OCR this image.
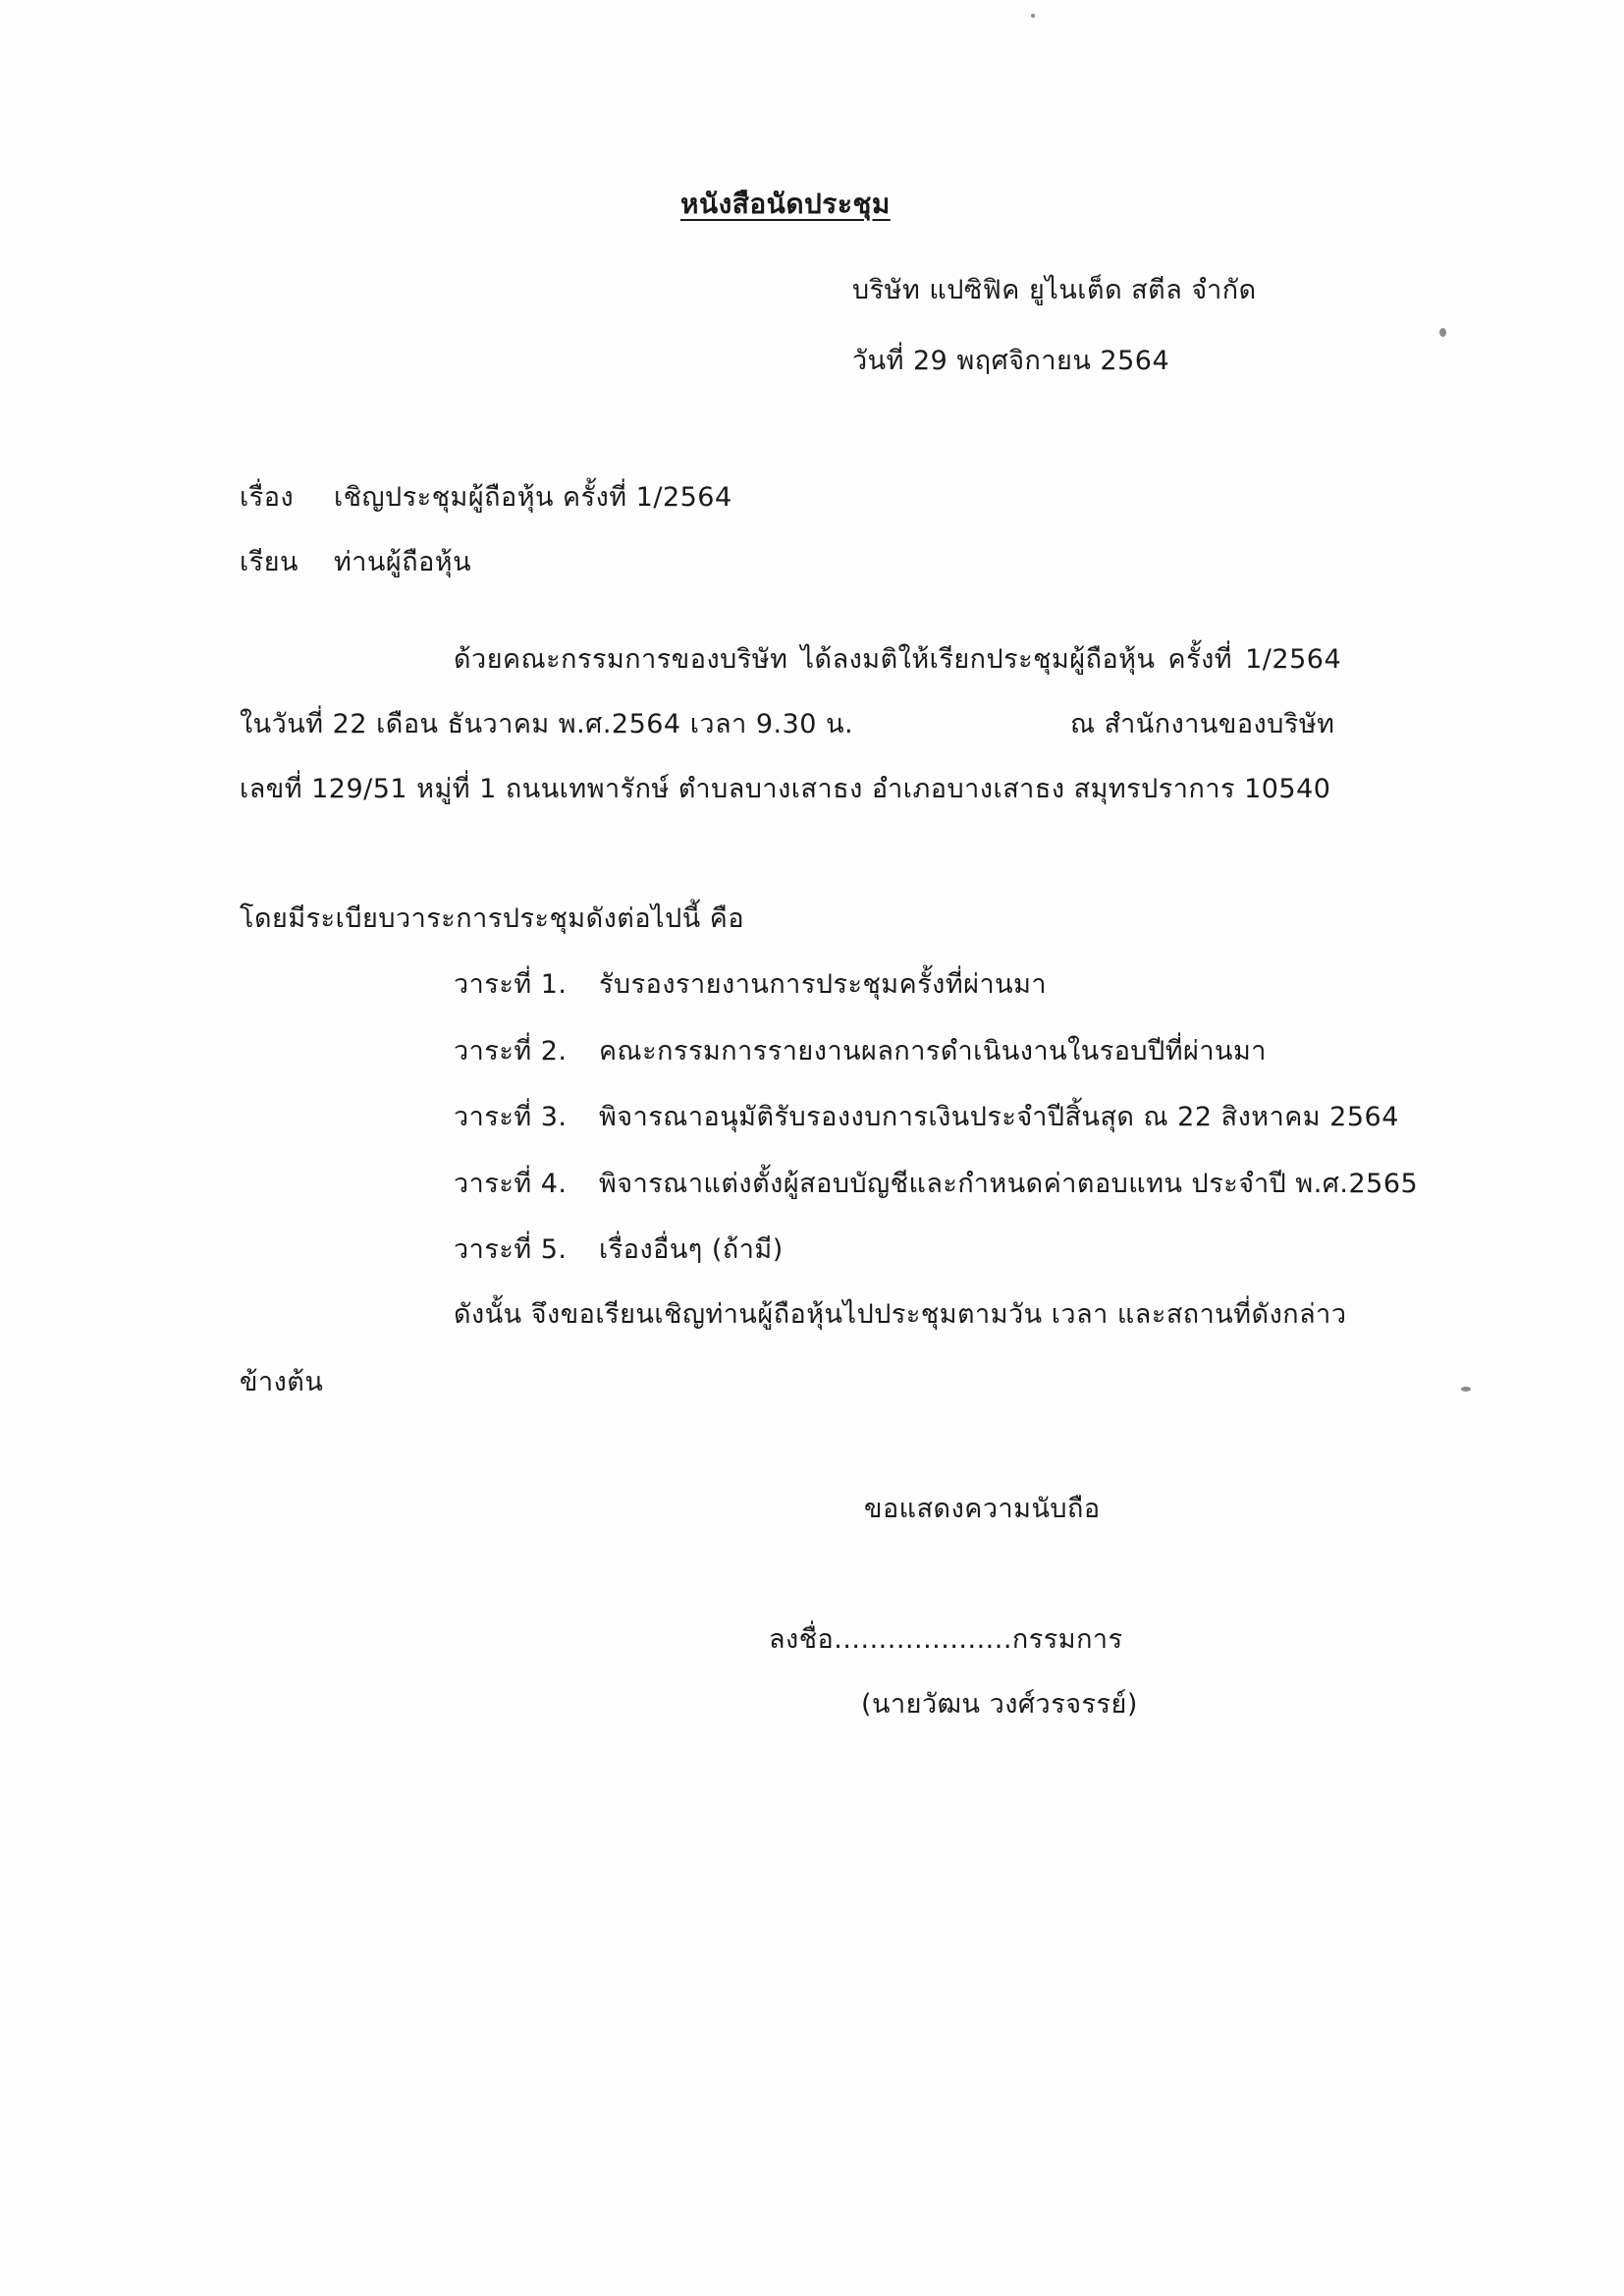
หนังสือนัดประชุม
บริษัท แปซิฟิค ยูไนเต็ด สตีล จำกัด
วันที่ 29 พฤศจิกายน 2564
เรื่อง เชิญประชุมผู้ถือหุ้น ครั้งที่ 1/2564
เรียน ท่านผู้ถือหุ้น
ด้วยคณะกรรมการของบริษัท ได้ลงมติให้เรียกประชุมผู้ถือหุ้น ครั้งที่ 1/2564
ในวันที่ 22 เดือน ธันวาคม พ.ศ.2564 เวลา 9.30 น.	ณ สำนักงานของบริษัท
เลขที่ 129/51 หมู่ที่ 1 ถนนเทพารักษ์ ตำบลบางเสาธง อำเภอบางเสาธง สมุทรปราการ 10540
โดยมีระเบียบวาระการประชุมดังต่อไปนี้ คือ
วาระที่ 1. รับรองรายงานการประชุมครั้งที่ผ่านมา
วาระที่ 2. คณะกรรมการรายงานผลการดำเนินงานในรอบปีที่ผ่านมา
วาระที่ 3. พิจารณาอนุมัติรับรองงบการเงินประจำปีสิ้นสุด ณ 22 สิงหาคม 2564
วาระที่ 4. พิจารณาแต่งตั้งผู้สอบบัญชีและกำหนดค่าตอบแทน ประจำปี พ.ศ.2565
วาระที่ 5. เรื่องอื่นๆ (ถ้ามี)
ดังนั้น จึงขอเรียนเชิญท่านผู้ถือหุ้นไปประชุมตามวัน เวลา และสถานที่ดังกล่าว
ข้างต้น
ขอแสดงความนับถือ
ลงชื่อ....................กรรมการ
(นายวัฒน วงศ์วรจรรย์)
